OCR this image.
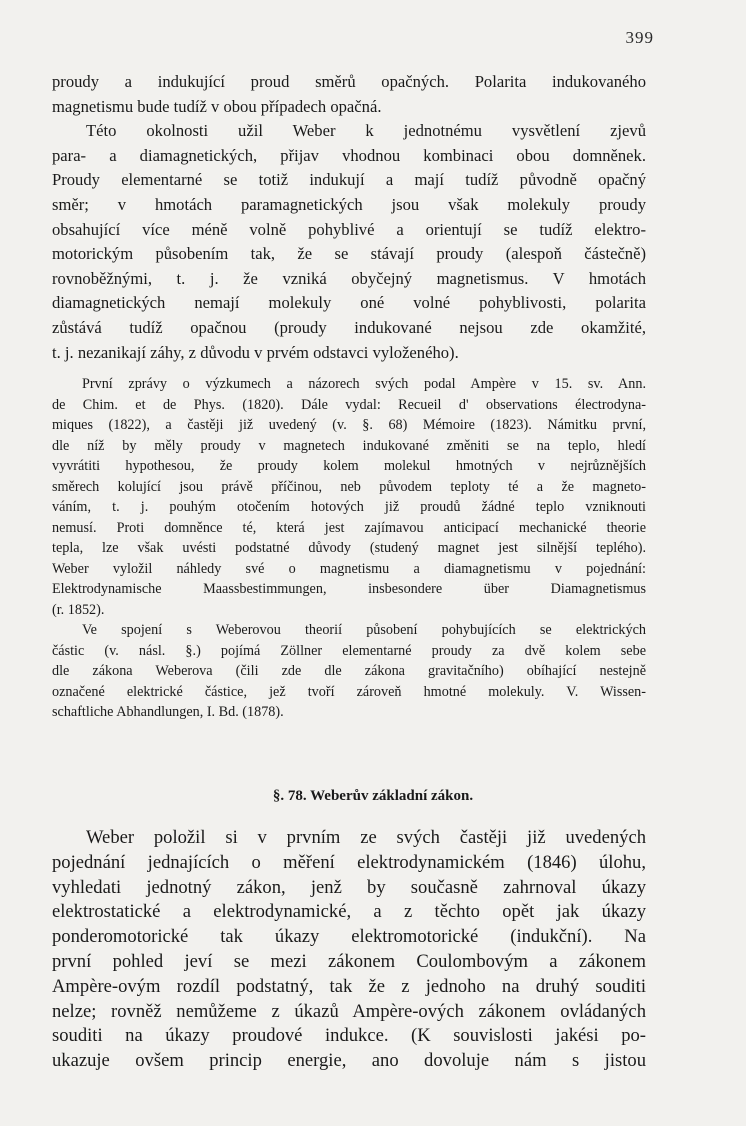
399
proudy a indukující proud směrů opačných. Polarita indukovaného
magnetismu bude tudíž v obou případech opačná.
Této okolnosti užil Weber k jednotnému vysvětlení zjevů
para- a diamagnetických, přijav vhodnou kombinaci obou domněnek.
Proudy elementarné se totiž indukují a mají tudíž původně opačný
směr; v hmotách paramagnetických jsou však molekuly proudy
obsahující více méně volně pohyblivé a orientují se tudíž elektro-
motorickým působením tak, že se stávají proudy (alespoň částečně)
rovnoběžnými, t. j. že vzniká obyčejný magnetismus. V hmotách
diamagnetických nemají molekuly oné volné pohyblivosti, polarita
zůstává tudíž opačnou (proudy indukované nejsou zde okamžité,
t. j. nezanikají záhy, z důvodu v prvém odstavci vyloženého).
První zprávy o výzkumech a názorech svých podal Ampère v 15. sv. Ann.
de Chim. et de Phys. (1820). Dále vydal: Recueil d' observations électrodyna-
miques (1822), a častěji již uvedený (v. §. 68) Mémoire (1823). Námitku první,
dle níž by měly proudy v magnetech indukované změniti se na teplo, hledí
vyvrátiti hypothesou, že proudy kolem molekul hmotných v nejrůznějších
směrech kolující jsou právě příčinou, neb původem teploty té a že magneto-
váním, t. j. pouhým otočením hotových již proudů žádné teplo vzniknouti
nemusí. Proti domněnce té, která jest zajímavou anticipací mechanické theorie
tepla, lze však uvésti podstatné důvody (studený magnet jest silnější teplého).
Weber vyložil náhledy své o magnetismu a diamagnetismu v pojednání:
Elektrodynamische Maassbestimmungen, insbesondere über Diamagnetismus
(r. 1852).
Ve spojení s Weberovou theorií působení pohybujících se elektrických
částic (v. násl. §.) pojímá Zöllner elementarné proudy za dvě kolem sebe
dle zákona Weberova (čili zde dle zákona gravitačního) obíhající nestejně
označené elektrické částice, jež tvoří zároveň hmotné molekuly. V. Wissen-
schaftliche Abhandlungen, I. Bd. (1878).
§. 78. Weberův základní zákon.
Weber položil si v prvním ze svých častěji již uvedených
pojednání jednajících o měření elektrodynamickém (1846) úlohu,
vyhledati jednotný zákon, jenž by současně zahrnoval úkazy
elektrostatické a elektrodynamické, a z těchto opět jak úkazy
ponderomotorické tak úkazy elektromotorické (indukční). Na
první pohled jeví se mezi zákonem Coulombovým a zákonem
Ampère-ovým rozdíl podstatný, tak že z jednoho na druhý souditi
nelze; rovněž nemůžeme z úkazů Ampère-ových zákonem ovládaných
souditi na úkazy proudové indukce. (K souvislosti jakési po-
ukazuje ovšem princip energie, ano dovoluje nám s jistou
